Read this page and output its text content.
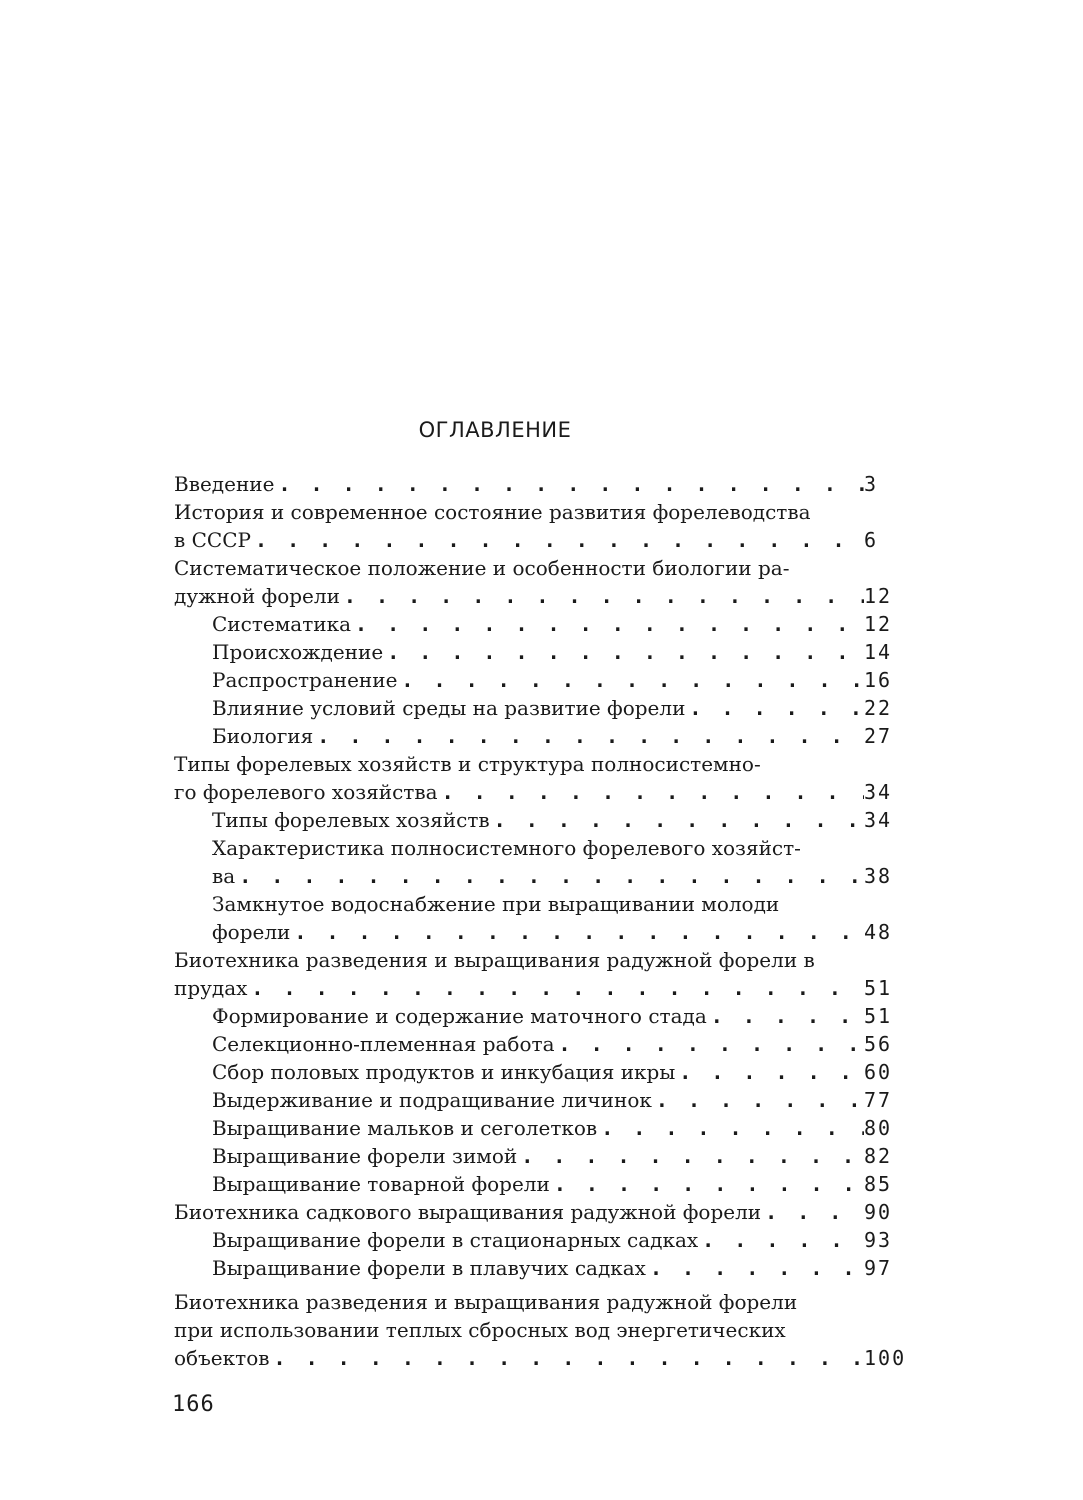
ОГЛАВЛЕНИЕ
Введение . . .	3
История и современное состояние развития форелеводства
в СССР . . .	6
Систематическое положение и особенности биологии ра-
дужной форели . . .	12
Систематика . . .	12
Происхождение . . .	14
Распространение . . .	16
Влияние условий среды на развитие форели . . .	22
Биология . . .	27
Типы форелевых хозяйств и структура полносистемно-
го форелевого хозяйства . . .	34
Типы форелевых хозяйств . . .	34
Характеристика полносистемного форелевого хозяйст-
ва . . .	38
Замкнутое водоснабжение при выращивании молоди
форели . . .	48
Биотехника разведения и выращивания радужной форели в
прудах . . .	51
Формирование и содержание маточного стада . . .	51
Селекционно-племенная работа . . .	56
Сбор половых продуктов и инкубация икры . . .	60
Выдерживание и подращивание личинок . . .	77
Выращивание мальков и сеголетков . . .	80
Выращивание форели зимой . . .	82
Выращивание товарной форели . . .	85
Биотехника садкового выращивания радужной форели . . .	90
Выращивание форели в стационарных садках . . .	93
Выращивание форели в плавучих садках . . .	97
Биотехника разведения и выращивания радужной форели
при использовании теплых сбросных вод энергетических
объектов . . .	100
166
